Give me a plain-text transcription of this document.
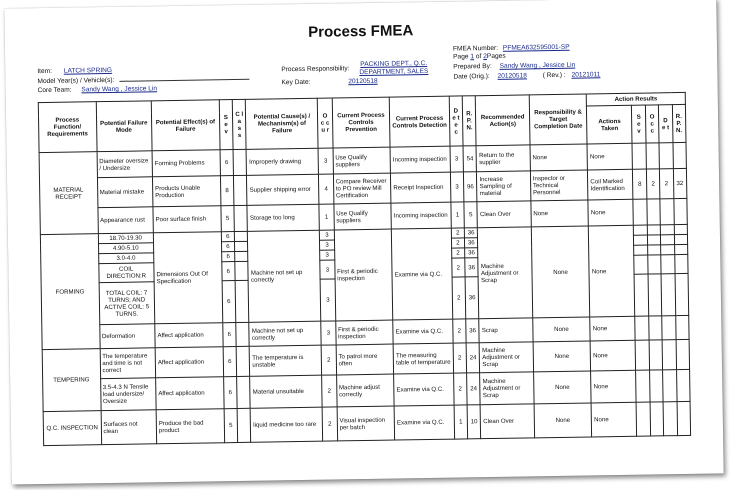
Process FMEA
Item: LATCH SPRING
Model Year(s) / Vehicle(s):
Core Team: Sandy Wang , Jessice Lin
Process Responsibility:
PACKING DEPT., Q.C.
DEPARTMENT, SALES
Key Date:	20120518
FMEA Number: PFMEA632595001-SP
Page 1 of 2Pages
Prepared By: Sandy Wang , Jessice Lin
Date (Orig.): 20120518 ( Rev.) : 20121011
Process Function/ Requirements	Potential Failure Mode	Potential Effect(s) of Failure	S e v	C l a s s	Potential Cause(s) / Mechanism(s) of Failure	O c c u r	Current Process Controls Prevention	Current Process Controls Detection	D e t e c	R. P. N.	Recommended Action(s)	Responsibility & Target Completion Date	Action Results				
													Actions Taken	S e v	O c c	D e t	R. P. N.
MATERIAL RECEIPT	Diameter oversize / Undersize	Forming Problems	6		Improperly drawing	3	Use Qualify suppliers	Incoming inspection	3	54	Return to the supplier	None	None				
	Material mistake	Products Unable Production	8		Supplier shipping error	4	Compare Receiver to PO review Mill Certification	Receipt Inspection	3	96	Increase Sampling of material	Inspector or Technical Personnel	Coil Marked Identification	8	2	2	32
	Appearance rust	Poor surface finish	5		Storage too long	1	Use Qualify suppliers	Incoming inspection	1	5	Clean Over	None	None				
FORMING	18.70-19.30	Dimensions Out Of Specification	6		Machine not set up correctly	3	First & periodic inspection	Examine via Q.C.	2	36	Machine Adjustment or Scrap	None	None				
	4.90-5.10		6			3			2	36							
	3.0-4.0		6			3			2	36							
	COIL DIRECTION:R		6			3			2	36							
	TOTAL COIL: 7 TURNS; AND ACTIVE COIL: 5 TURNS.		6			3			2	36							
	Deformation	Affect application	6		Machine not set up correctly	3	First & periodic inspection	Examine via Q.C.	2	36	Scrap	None	None				
TEMPERING	The temperature and time is not correct	Affect application	6		The temperature is unstable	2	To patrol more often	The measuring table of temperature	2	24	Machine Adjustment or Scrap	None	None				
	3.5-4.3 N Tensile load undersize/ Oversize	Affect application	6		Material unsuitable	2	Machine adjust correctly	Examine via Q.C.	2	24	Machine Adjustment or Scrap	None	None				
Q.C. INSPECTION	Surfaces not clean	Produce the bad product	5		liquid medicine too rare	2	Visual inspection per batch	Examine via Q.C.	1	10	Clean Over	None	None				
